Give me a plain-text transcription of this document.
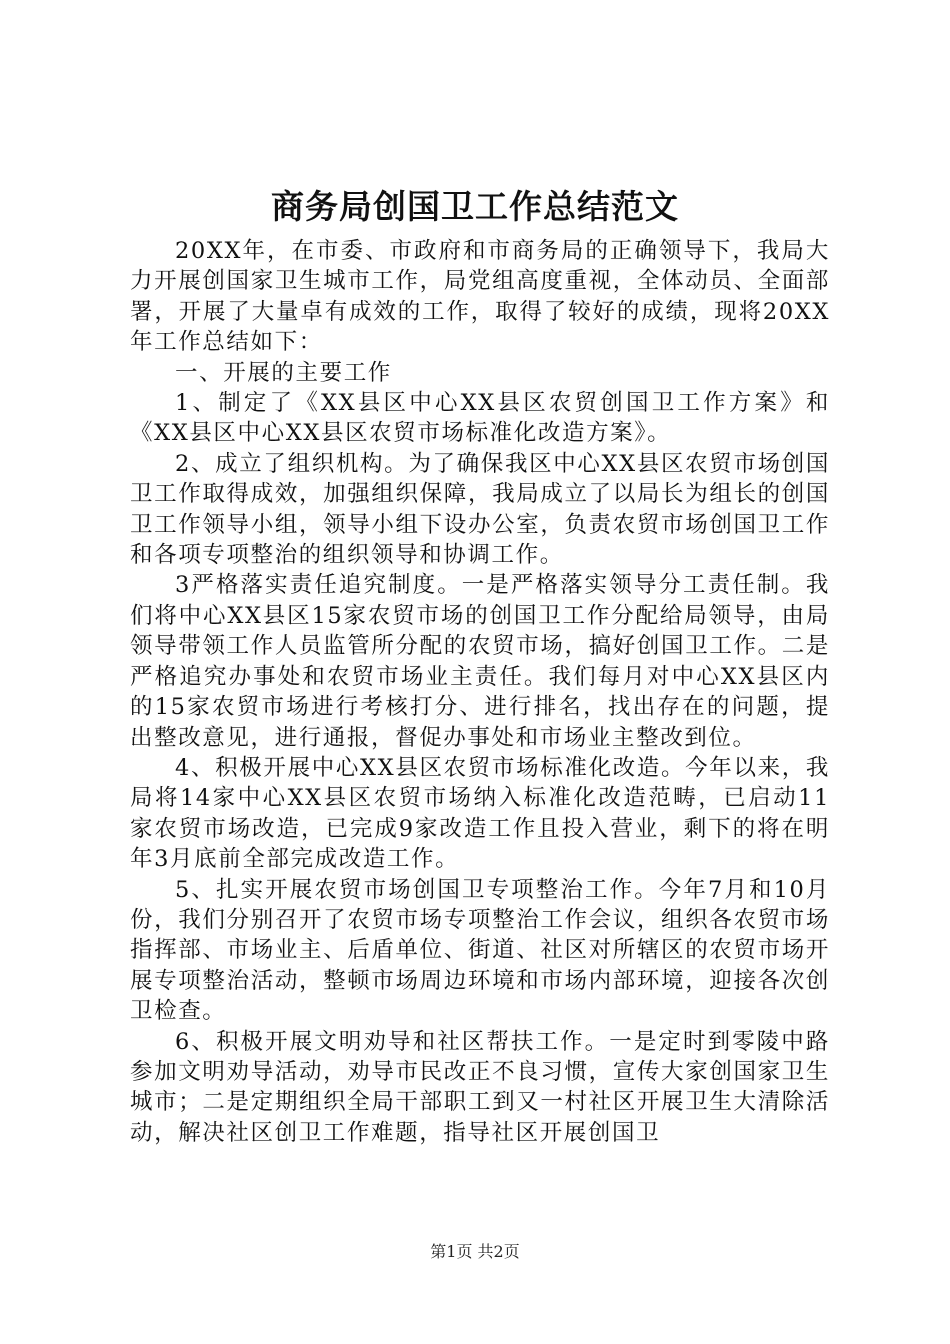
商务局创国卫工作总结范文

20XX年，在市委、市政府和市商务局的正确领导下，我局大力开展创国家卫生城市工作，局党组高度重视，全体动员、全面部署，开展了大量卓有成效的工作，取得了较好的成绩，现将20XX年工作总结如下：

一、开展的主要工作

1、制定了《XX县区中心XX县区农贸创国卫工作方案》和《XX县区中心XX县区农贸市场标准化改造方案》。

2、成立了组织机构。为了确保我区中心XX县区农贸市场创国卫工作取得成效，加强组织保障，我局成立了以局长为组长的创国卫工作领导小组，领导小组下设办公室，负责农贸市场创国卫工作和各项专项整治的组织领导和协调工作。

3严格落实责任追究制度。一是严格落实领导分工责任制。我们将中心XX县区15家农贸市场的创国卫工作分配给局领导，由局领导带领工作人员监管所分配的农贸市场，搞好创国卫工作。二是严格追究办事处和农贸市场业主责任。我们每月对中心XX县区内的15家农贸市场进行考核打分、进行排名，找出存在的问题，提出整改意见，进行通报，督促办事处和市场业主整改到位。

4、积极开展中心XX县区农贸市场标准化改造。今年以来，我局将14家中心XX县区农贸市场纳入标准化改造范畴，已启动11家农贸市场改造，已完成9家改造工作且投入营业，剩下的将在明年3月底前全部完成改造工作。

5、扎实开展农贸市场创国卫专项整治工作。今年7月和10月份，我们分别召开了农贸市场专项整治工作会议，组织各农贸市场指挥部、市场业主、后盾单位、街道、社区对所辖区的农贸市场开展专项整治活动，整顿市场周边环境和市场内部环境，迎接各次创卫检查。

6、积极开展文明劝导和社区帮扶工作。一是定时到零陵中路参加文明劝导活动，劝导市民改正不良习惯，宣传大家创国家卫生城市；二是定期组织全局干部职工到又一村社区开展卫生大清除活动，解决社区创卫工作难题，指导社区开展创国卫

第1页 共2页
